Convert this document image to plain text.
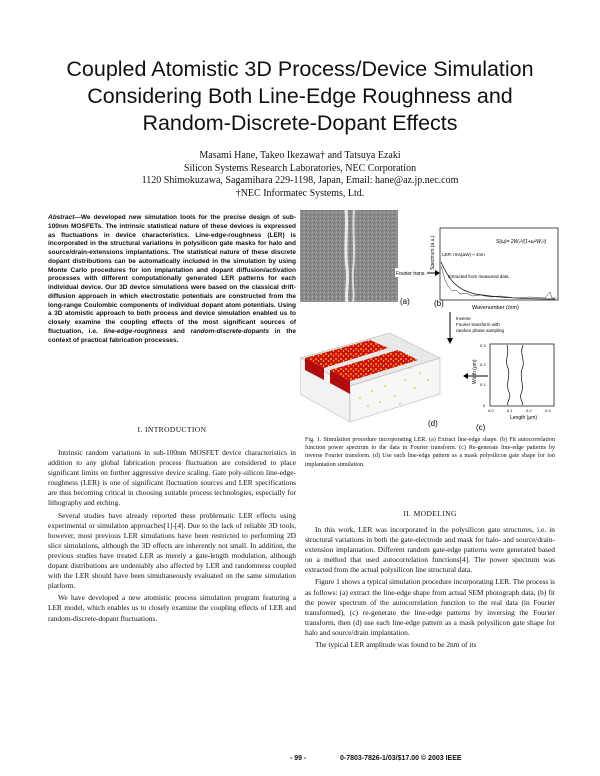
Coupled Atomistic 3D Process/Device Simulation
Considering Both Line-Edge Roughness and
Random-Discrete-Dopant Effects
Masami Hane, Takeo Ikezawa† and Tatsuya Ezaki
Silicon Systems Research Laboratories, NEC Corporation
1120 Shimokuzawa, Sagamihara 229-1198, Japan, Email: hane@az.jp.nec.com
†NEC Informatec Systems, Ltd.
Abstract—We developed new simulation tools for the precise design of sub-100nm MOSFETs. The intrinsic statistical nature of these devices is expressed as fluctuations in device characteristics. Line-edge-roughness (LER) is incorporated in the structural variations in polysilicon gate masks for halo and source/drain-extensions implantations. The statistical nature of these discrete dopant distributions can be automatically included in the simulation by using Monte Carlo procedures for ion implantation and dopant diffusion/activation processes with different computationally generated LER patterns for each individual device. Our 3D device simulations were based on the classical drift-diffusion approach in which electrostatic potentials are constructed from the long-range Coulombic components of individual dopant atom potentials. Using a 3D atomistic approach to both process and device simulation enabled us to closely examine the coupling effects of the most significant sources of fluctuation, i.e. line-edge-roughness and random-discrete-dopants in the context of practical fabrication processes.
I. INTRODUCTION

Intrinsic random variations in sub-100nm MOSFET device characteristics in addition to any global fabrication process fluctuation are considered to place significant limits on further aggressive device scaling. Gate poly-silicon line-edge-roughness (LER) is one of significant fluctuation sources and LER specifications are thus becoming critical in choosing suitable process technologies, especially for lithography and etching.

Several studies have already reported these problematic LER effects using experimental or simulation approaches[1]-[4]. Due to the lack of reliable 3D tools, however, most previous LER simulations have been restricted to performing 2D slice simulations, although the 3D effects are inherently not small. In addition, the previous studies have treated LER as merely a gate-length modulation, although dopant distributions are undeniably also affected by LER and randomness coupled with the LER should have been simultaneously evaluated on the same simulation platform.

We have developed a new atomistic process simulation program featuring a LER model, which enables us to closely examine the coupling effects of LER and random-discrete-dopant fluctuations.

(a)
Fourier trans.
Spectrum (a.u.)	S(ω)= 2Wₓ²/(1+ω²Wₓ²)
LER: rms(ΔW) ≈ 4nm
Extracted from measured data
Wavenumber (/nm)
(b)
Inverse
Fourier transform with
random phase sampling
Width (μm)
0
0.1
0.2
0.3
0.0	0.1	0.2	0.3
Length (μm)
(c)
(d)
Fig. 1. Simulation procedure incorporating LER. (a) Extract line-edge shape. (b) Fit autocorrelation function power spectrum to the data in Fourier transform. (c) Re-generate line-edge patterns by inverse Fourier transform. (d) Use each line-edge pattern as a mask polysilicon gate shape for ion implantation simulation.
II. MODELING

In this work, LER was incorporated in the polysilicon gate structures, i.e. in structural variations in both the gate-electrode and mask for halo- and source/drain-extension implantation. Different random gate-edge patterns were generated based on a method that used autocorrelation functions[4]. The power spectrum was extracted from the actual polysilicon line structural data.

Figure 1 shows a typical simulation procedure incorporating LER. The process is as follows: (a) extract the line-edge shape from actual SEM photograph data, (b) fit the power spectrum of the autocorrelation function to the real data (in Fourier transformed), (c) re-generate the line-edge patterns by inversing the Fourier transform, then (d) use each line-edge pattern as a mask polysilicon gate shape for halo and source/drain implantation.

The typical LER amplitude was found to be 2nm of its

- 99 -	0-7803-7826-1/03/$17.00 © 2003 IEEE
